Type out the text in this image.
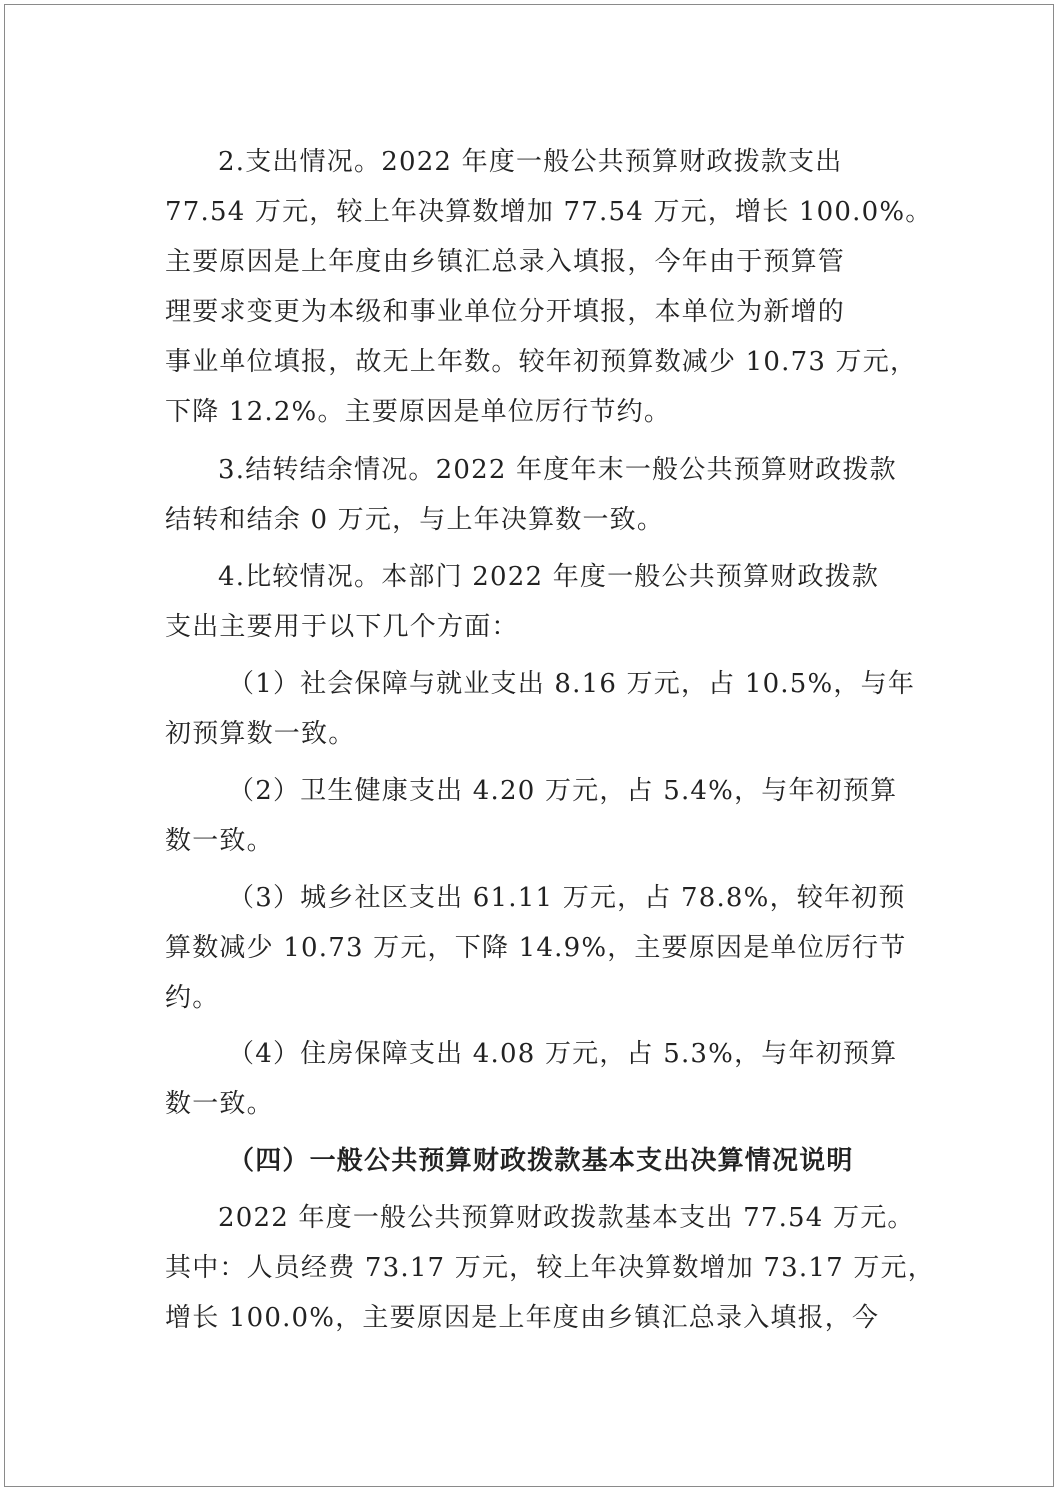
2.支出情况。2022 年度一般公共预算财政拨款支出
77.54 万元，较上年决算数增加 77.54 万元，增长 100.0%。
主要原因是上年度由乡镇汇总录入填报，今年由于预算管
理要求变更为本级和事业单位分开填报，本单位为新增的
事业单位填报，故无上年数。较年初预算数减少 10.73 万元，
下降 12.2%。主要原因是单位厉行节约。
3.结转结余情况。2022 年度年末一般公共预算财政拨款
结转和结余 0 万元，与上年决算数一致。
4.比较情况。本部门 2022 年度一般公共预算财政拨款
支出主要用于以下几个方面：
（1）社会保障与就业支出 8.16 万元，占 10.5%，与年
初预算数一致。
（2）卫生健康支出 4.20 万元，占 5.4%，与年初预算
数一致。
（3）城乡社区支出 61.11 万元，占 78.8%，较年初预
算数减少 10.73 万元，下降 14.9%，主要原因是单位厉行节
约。
（4）住房保障支出 4.08 万元，占 5.3%，与年初预算
数一致。
（四）一般公共预算财政拨款基本支出决算情况说明
2022 年度一般公共预算财政拨款基本支出 77.54 万元。
其中：人员经费 73.17 万元，较上年决算数增加 73.17 万元，
增长 100.0%，主要原因是上年度由乡镇汇总录入填报，今
